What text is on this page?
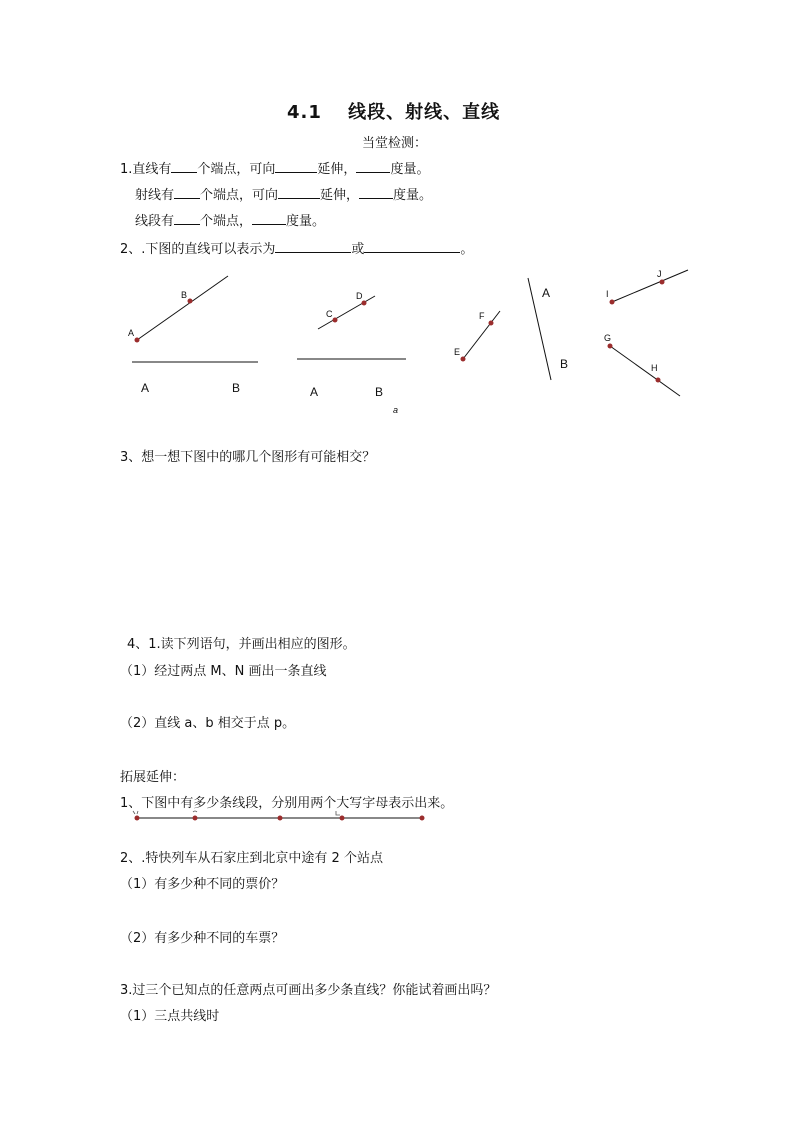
4.1　 线段、射线、直线
当堂检测：
1.直线有 个端点，可向	延伸，	度量。
射线有 个端点，可向	延伸，	度量。
线段有 个端点，	度量。
2、.下图的直线可以表示为	或	。
A
B
A	B
C
D
A	B
a
E
F
A
B
I
J
G
H
3、想一想下图中的哪几个图形有可能相交？
4、1.读下列语句，并画出相应的图形。
（1）经过两点 M、N 画出一条直线
（2）直线 a、b 相交于点 p。
拓展延伸：
1、下图中有多少条线段，分别用两个大写字母表示出来。
2、.特快列车从石家庄到北京中途有 2 个站点
（1）有多少种不同的票价？
（2）有多少种不同的车票？
3.过三个已知点的任意两点可画出多少条直线？你能试着画出吗？
（1）三点共线时
